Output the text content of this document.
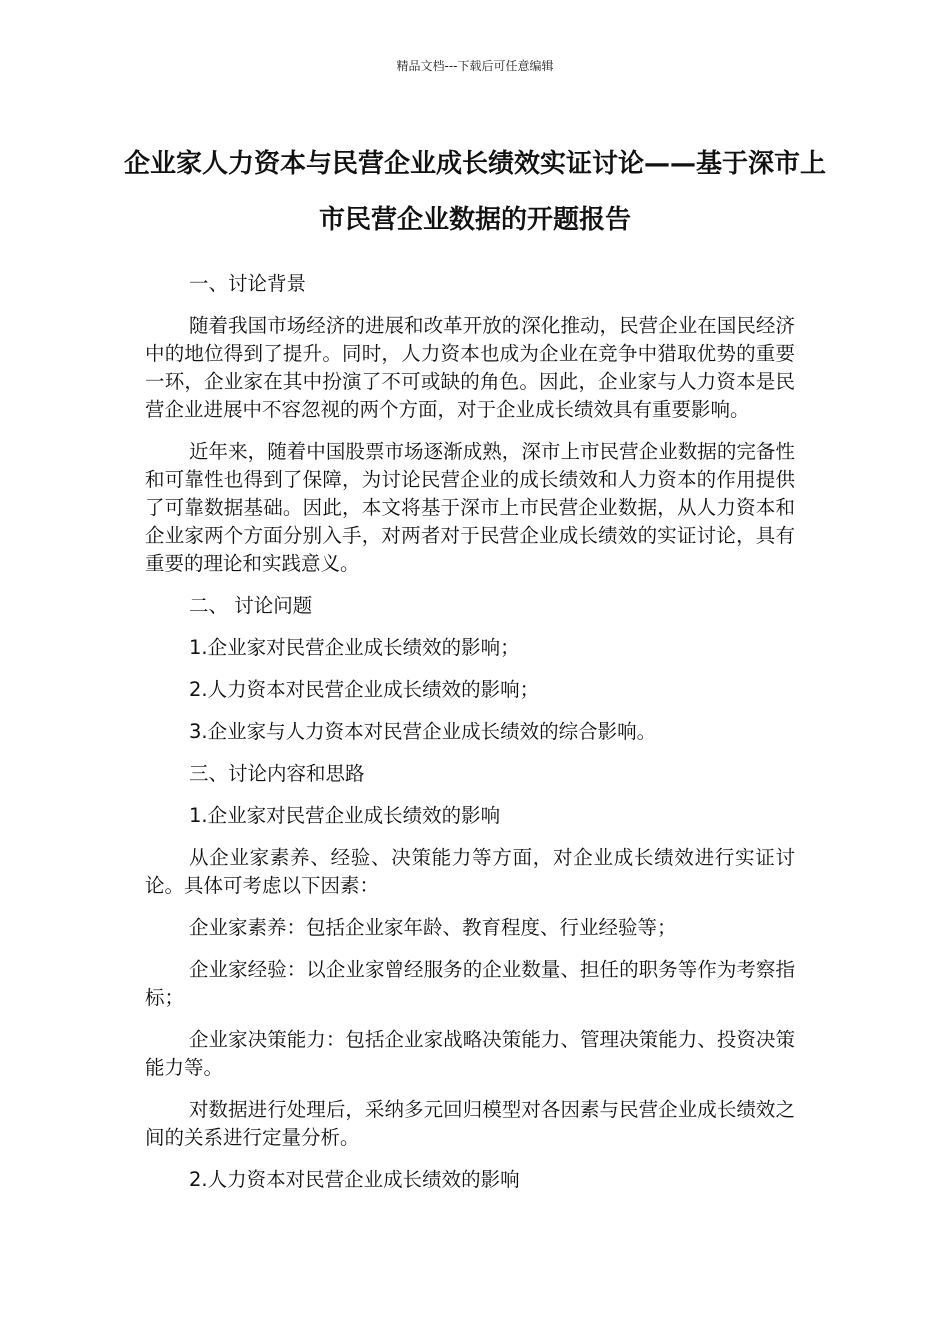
精品文档---下载后可任意编辑
企业家人力资本与民营企业成长绩效实证讨论——基于深市上市民营企业数据的开题报告

一、讨论背景

随着我国市场经济的进展和改革开放的深化推动，民营企业在国民经济中的地位得到了提升。同时，人力资本也成为企业在竞争中猎取优势的重要一环，企业家在其中扮演了不可或缺的角色。因此，企业家与人力资本是民营企业进展中不容忽视的两个方面，对于企业成长绩效具有重要影响。

近年来，随着中国股票市场逐渐成熟，深市上市民营企业数据的完备性和可靠性也得到了保障，为讨论民营企业的成长绩效和人力资本的作用提供了可靠数据基础。因此，本文将基于深市上市民营企业数据，从人力资本和企业家两个方面分别入手，对两者对于民营企业成长绩效的实证讨论，具有重要的理论和实践意义。

二、 讨论问题

1.企业家对民营企业成长绩效的影响；

2.人力资本对民营企业成长绩效的影响；

3.企业家与人力资本对民营企业成长绩效的综合影响。

三、讨论内容和思路

1.企业家对民营企业成长绩效的影响

从企业家素养、经验、决策能力等方面，对企业成长绩效进行实证讨论。具体可考虑以下因素：

企业家素养：包括企业家年龄、教育程度、行业经验等；

企业家经验：以企业家曾经服务的企业数量、担任的职务等作为考察指标；

企业家决策能力：包括企业家战略决策能力、管理决策能力、投资决策能力等。

对数据进行处理后，采纳多元回归模型对各因素与民营企业成长绩效之间的关系进行定量分析。

2.人力资本对民营企业成长绩效的影响
